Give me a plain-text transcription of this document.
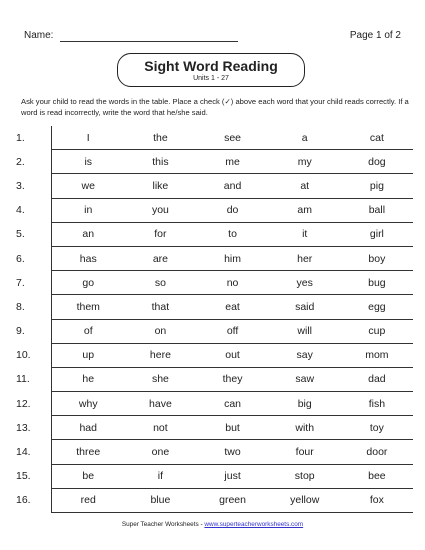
Name:	Page 1 of 2
Sight Word Reading
Units 1 - 27
Ask your child to read the words in the table. Place a check (✓) above each word that your child reads correctly. If a word is read incorrectly, write the word that he/she said.
1.	I	the	see	a	cat
2.	is	this	me	my	dog
3.	we	like	and	at	pig
4.	in	you	do	am	ball
5.	an	for	to	it	girl
6.	has	are	him	her	boy
7.	go	so	no	yes	bug
8.	them	that	eat	said	egg
9.	of	on	off	will	cup
10.	up	here	out	say	mom
11.	he	she	they	saw	dad
12.	why	have	can	big	fish
13.	had	not	but	with	toy
14.	three	one	two	four	door
15.	be	if	just	stop	bee
16.	red	blue	green	yellow	fox
Super Teacher Worksheets - www.superteacherworksheets.com
